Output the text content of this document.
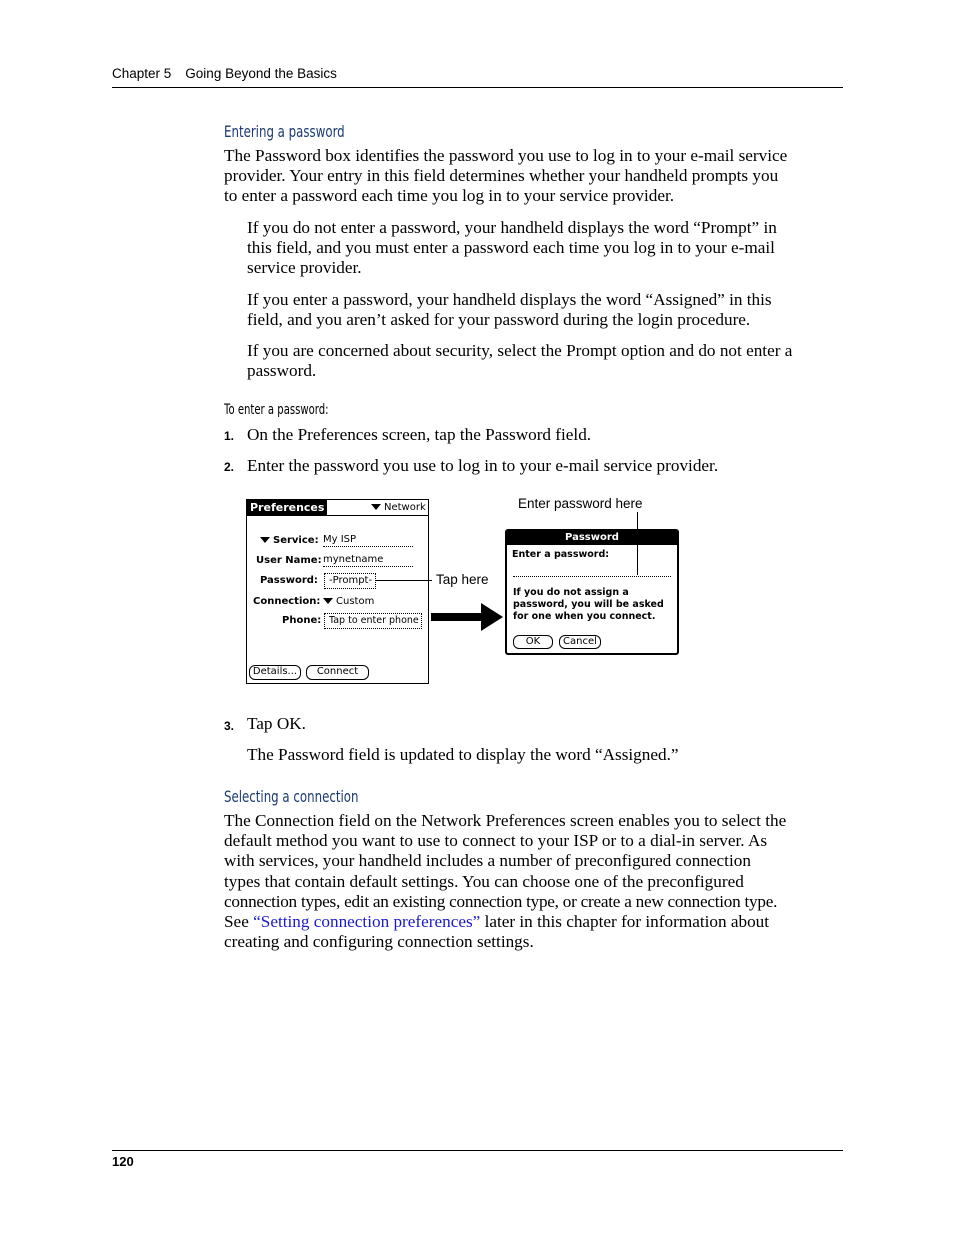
Chapter 5 Going Beyond the Basics
Entering a password
The Password box identifies the password you use to log in to your e-mail service
provider. Your entry in this field determines whether your handheld prompts you
to enter a password each time you log in to your service provider.
If you do not enter a password, your handheld displays the word “Prompt” in
this field, and you must enter a password each time you log in to your e-mail
service provider.
If you enter a password, your handheld displays the word “Assigned” in this
field, and you aren’t asked for your password during the login procedure.
If you are concerned about security, select the Prompt option and do not enter a
password.
To enter a password:
1. On the Preferences screen, tap the Password field.
2. Enter the password you use to log in to your e-mail service provider.
Preferences	Network
Service: My ISP
User Name: mynetname
Password: -Prompt-
Connection:	Custom
Phone: Tap to enter phone
Details...	Connect
Tap here
Enter password here
Password
Enter a password:
If you do not assign a
password, you will be asked
for one when you connect.
OK	Cancel
3. Tap OK.
The Password field is updated to display the word “Assigned.”
Selecting a connection
The Connection field on the Network Preferences screen enables you to select the
default method you want to use to connect to your ISP or to a dial-in server. As
with services, your handheld includes a number of preconfigured connection
types that contain default settings. You can choose one of the preconfigured
connection types, edit an existing connection type, or create a new connection type.
See “Setting connection preferences” later in this chapter for information about
creating and configuring connection settings.
120
